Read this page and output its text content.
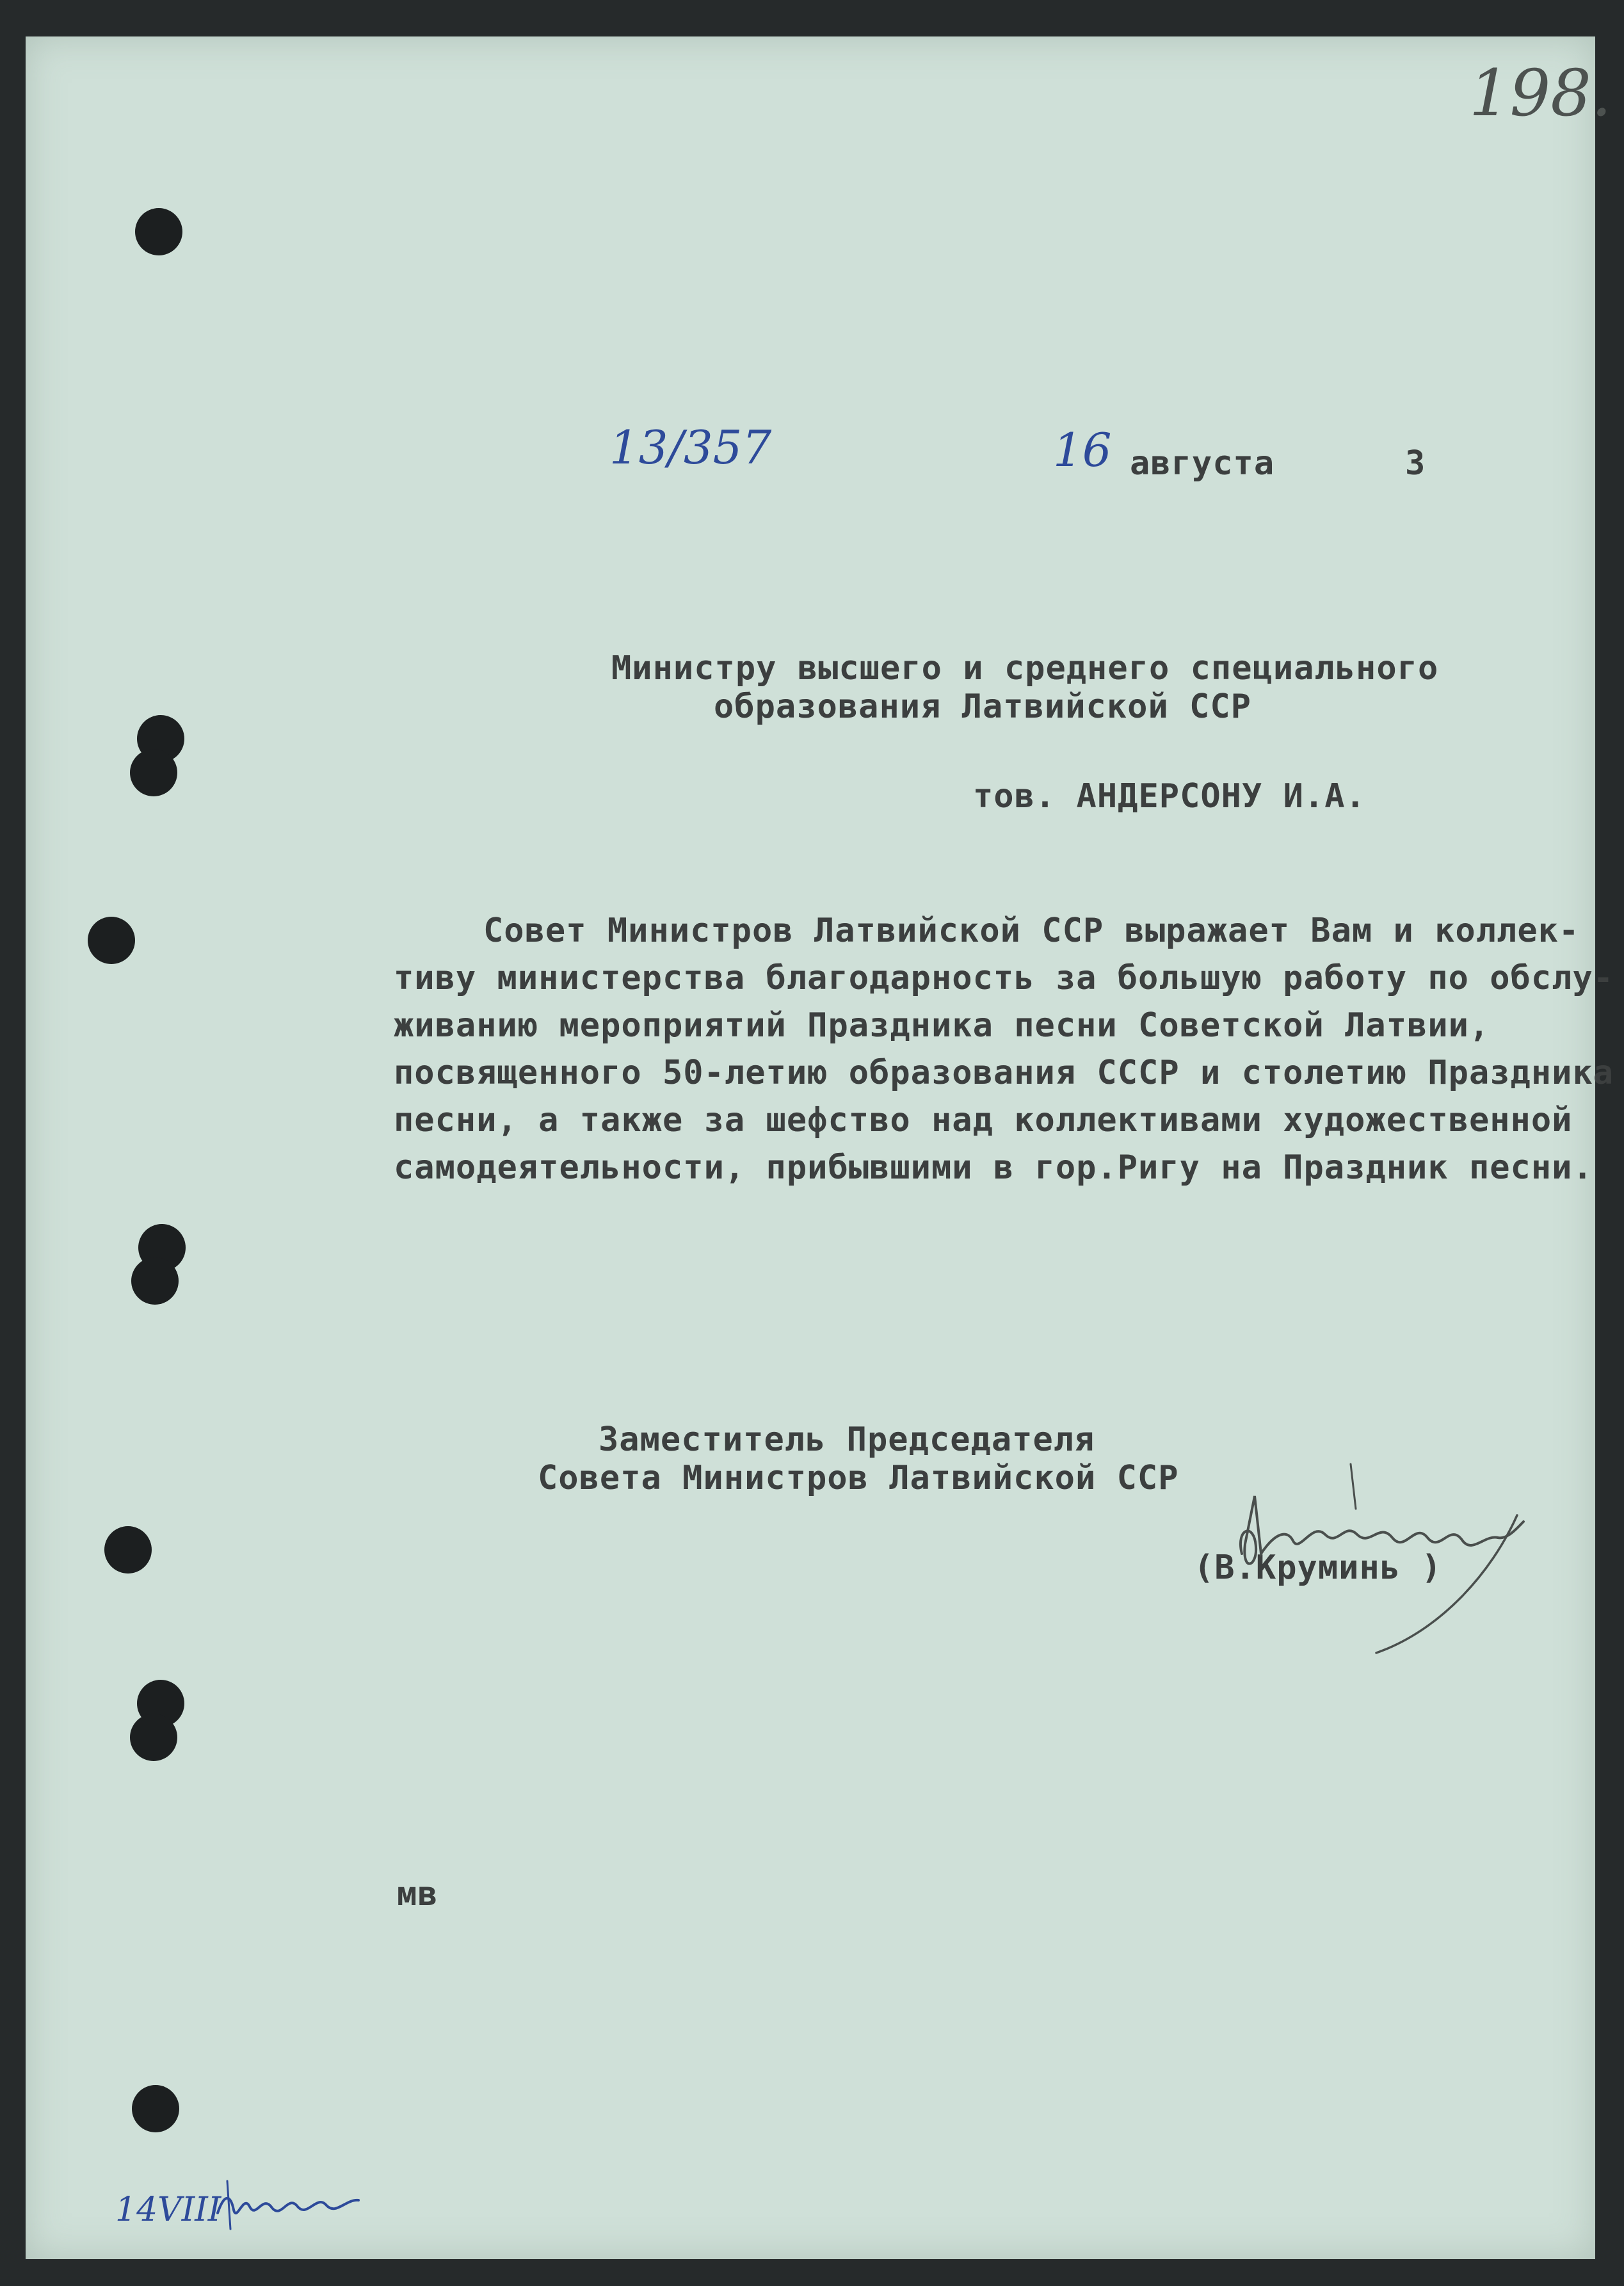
198.
13/357	16 августа	3
Министру высшего и среднего специального
образования Латвийской ССР
тов. АНДЕРСОНУ И.А.
Совет Министров Латвийской ССР выражает Вам и коллек-
тиву министерства благодарность за большую работу по обслу-
живанию мероприятий Праздника песни Советской Латвии,
посвященного 50-летию образования СССР и столетию Праздника
песни, а также за шефство над коллективами художественной
самодеятельности, прибывшими в гор.Ригу на Праздник песни.
Заместитель Председателя
Совета Министров Латвийской ССР
(В.Круминь )
мв
14VIII
